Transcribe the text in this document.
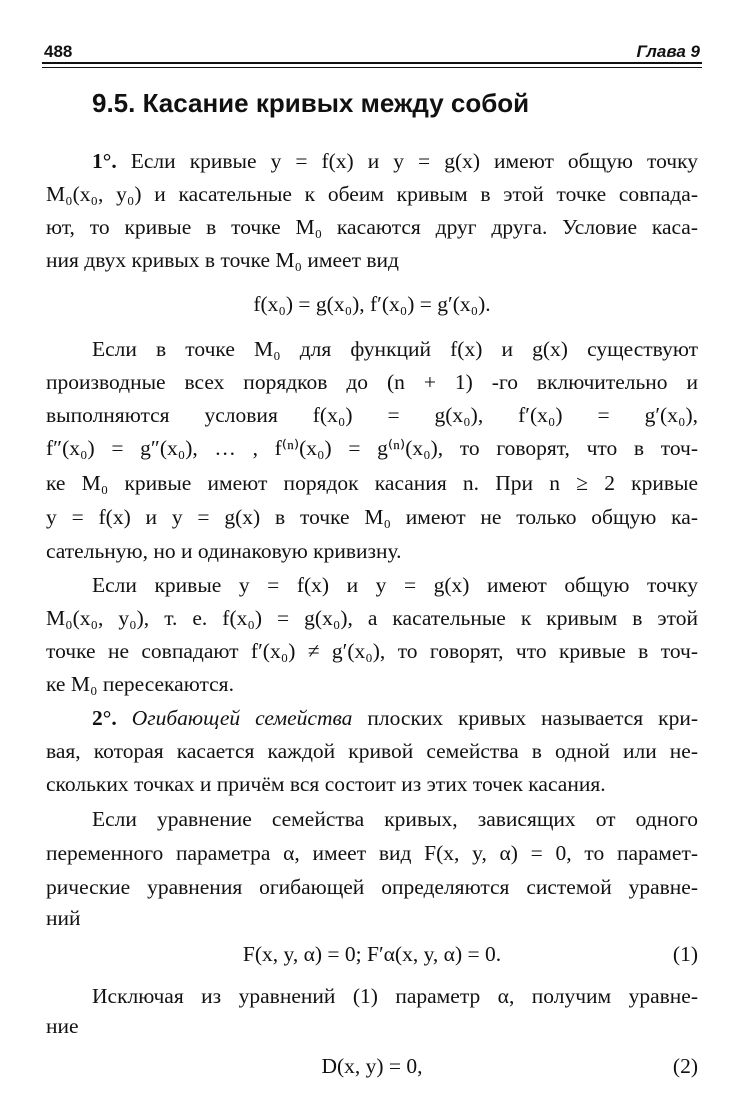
488	Глава 9
9.5. Касание кривых между собой
1°. Если кривые y = f(x) и y = g(x) имеют общую точку
M₀(x₀, y₀) и касательные к обеим кривым в этой точке совпада-
ют, то кривые в точке M₀ касаются друг друга. Условие каса-
ния двух кривых в точке M₀ имеет вид
f(x₀) = g(x₀), f′(x₀) = g′(x₀).
Если в точке M₀ для функций f(x) и g(x) существуют
производные всех порядков до (n + 1) -го включительно и
выполняются условия f(x₀) = g(x₀), f′(x₀) = g′(x₀),
f″(x₀) = g″(x₀), … , f⁽ⁿ⁾(x₀) = g⁽ⁿ⁾(x₀), то говорят, что в точ-
ке M₀ кривые имеют порядок касания n. При n ≥ 2 кривые
y = f(x) и y = g(x) в точке M₀ имеют не только общую ка-
сательную, но и одинаковую кривизну.
Если кривые y = f(x) и y = g(x) имеют общую точку
M₀(x₀, y₀), т. е. f(x₀) = g(x₀), а касательные к кривым в этой
точке не совпадают f′(x₀) ≠ g′(x₀), то говорят, что кривые в точ-
ке M₀ пересекаются.
2°. Огибающей семейства плоских кривых называется кри-
вая, которая касается каждой кривой семейства в одной или не-
скольких точках и причём вся состоит из этих точек касания.
Если уравнение семейства кривых, зависящих от одного
переменного параметра α, имеет вид F(x, y, α) = 0, то парамет-
рические уравнения огибающей определяются системой уравне-
ний
F(x, y, α) = 0; F′α(x, y, α) = 0.	(1)
Исключая из уравнений (1) параметр α, получим уравне-
ние
D(x, y) = 0,	(2)
